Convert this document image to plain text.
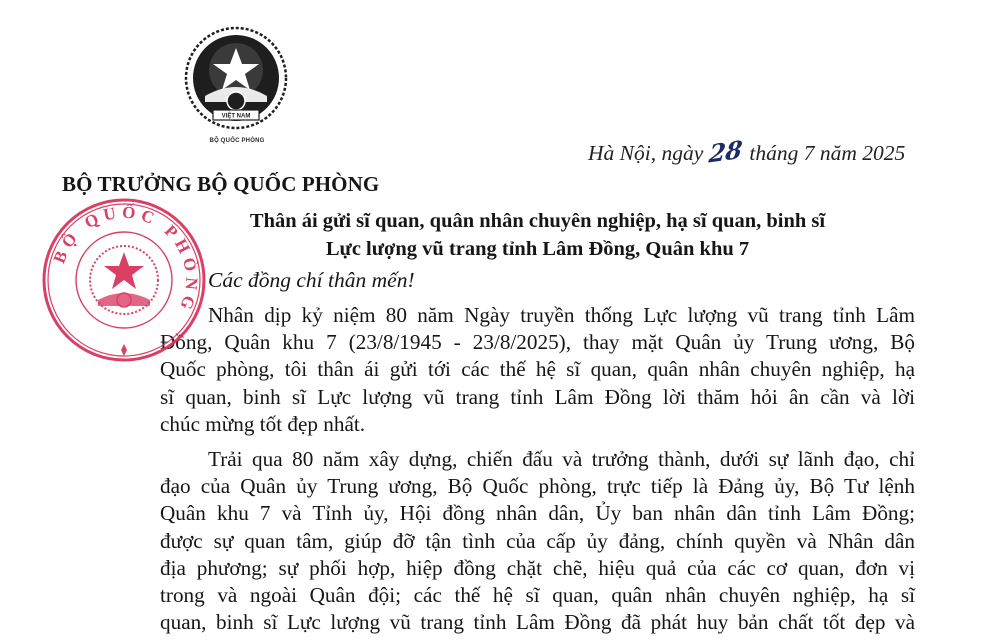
VIỆT NAM
BỘ QUỐC PHÒNG	Hà Nội, ngày 28 tháng 7 năm 2025
BỘ TRƯỞNG BỘ QUỐC PHÒNG
Thân ái gửi sĩ quan, quân nhân chuyên nghiệp, hạ sĩ quan, binh sĩ
Lực lượng vũ trang tỉnh Lâm Đồng, Quân khu 7
Các đồng chí thân mến!
Nhân dịp kỷ niệm 80 năm Ngày truyền thống Lực lượng vũ trang tỉnh Lâm
Đồng, Quân khu 7 (23/8/1945 - 23/8/2025), thay mặt Quân ủy Trung ương, Bộ
Quốc phòng, tôi thân ái gửi tới các thế hệ sĩ quan, quân nhân chuyên nghiệp, hạ
sĩ quan, binh sĩ Lực lượng vũ trang tỉnh Lâm Đồng lời thăm hỏi ân cần và lời
chúc mừng tốt đẹp nhất.
Trải qua 80 năm xây dựng, chiến đấu và trưởng thành, dưới sự lãnh đạo, chỉ
đạo của Quân ủy Trung ương, Bộ Quốc phòng, trực tiếp là Đảng ủy, Bộ Tư lệnh
Quân khu 7 và Tỉnh ủy, Hội đồng nhân dân, Ủy ban nhân dân tỉnh Lâm Đồng;
được sự quan tâm, giúp đỡ tận tình của cấp ủy đảng, chính quyền và Nhân dân
địa phương; sự phối hợp, hiệp đồng chặt chẽ, hiệu quả của các cơ quan, đơn vị
trong và ngoài Quân đội; các thế hệ sĩ quan, quân nhân chuyên nghiệp, hạ sĩ
quan, binh sĩ Lực lượng vũ trang tỉnh Lâm Đồng đã phát huy bản chất tốt đẹp và
BỘ QUỐC PHÒNG
